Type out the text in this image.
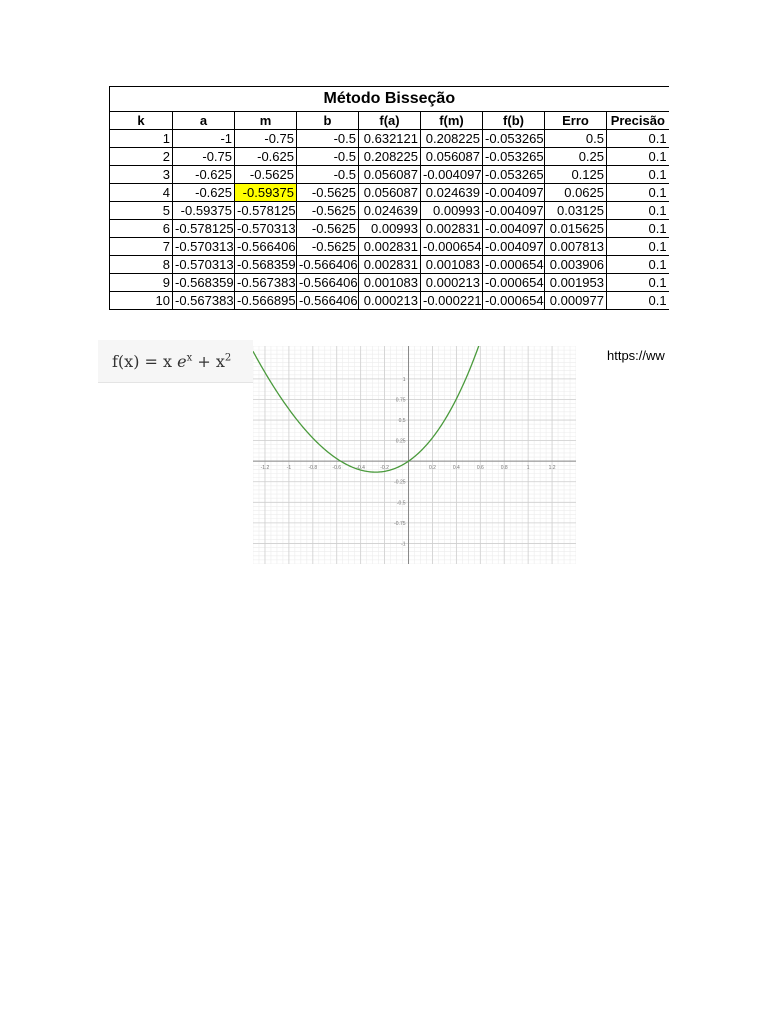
Método Bisseção								
k	a	m	b	f(a)	f(m)	f(b)	Erro	Precisão
1	-1	-0.75	-0.5	0.632121	0.208225	-0.053265	0.5	0.1
2	-0.75	-0.625	-0.5	0.208225	0.056087	-0.053265	0.25	0.1
3	-0.625	-0.5625	-0.5	0.056087	-0.004097	-0.053265	0.125	0.1
4	-0.625	-0.59375	-0.5625	0.056087	0.024639	-0.004097	0.0625	0.1
5	-0.59375	-0.578125	-0.5625	0.024639	0.00993	-0.004097	0.03125	0.1
6	-0.578125	-0.570313	-0.5625	0.00993	0.002831	-0.004097	0.015625	0.1
7	-0.570313	-0.566406	-0.5625	0.002831	-0.000654	-0.004097	0.007813	0.1
8	-0.570313	-0.568359	-0.566406	0.002831	0.001083	-0.000654	0.003906	0.1
9	-0.568359	-0.567383	-0.566406	0.001083	0.000213	-0.000654	0.001953	0.1
10	-0.567383	-0.566895	-0.566406	0.000213	-0.000221	-0.000654	0.000977	0.1
f(x) = x $e^x + x^2$
-1.2	-1	-0.8	-0.6	-0.4	-0.2	0.2	0.4	0.6	0.8	1	1.2
1
0.75
0.5
0.25
-0.25
-0.5
-0.75
-1
https://ww
